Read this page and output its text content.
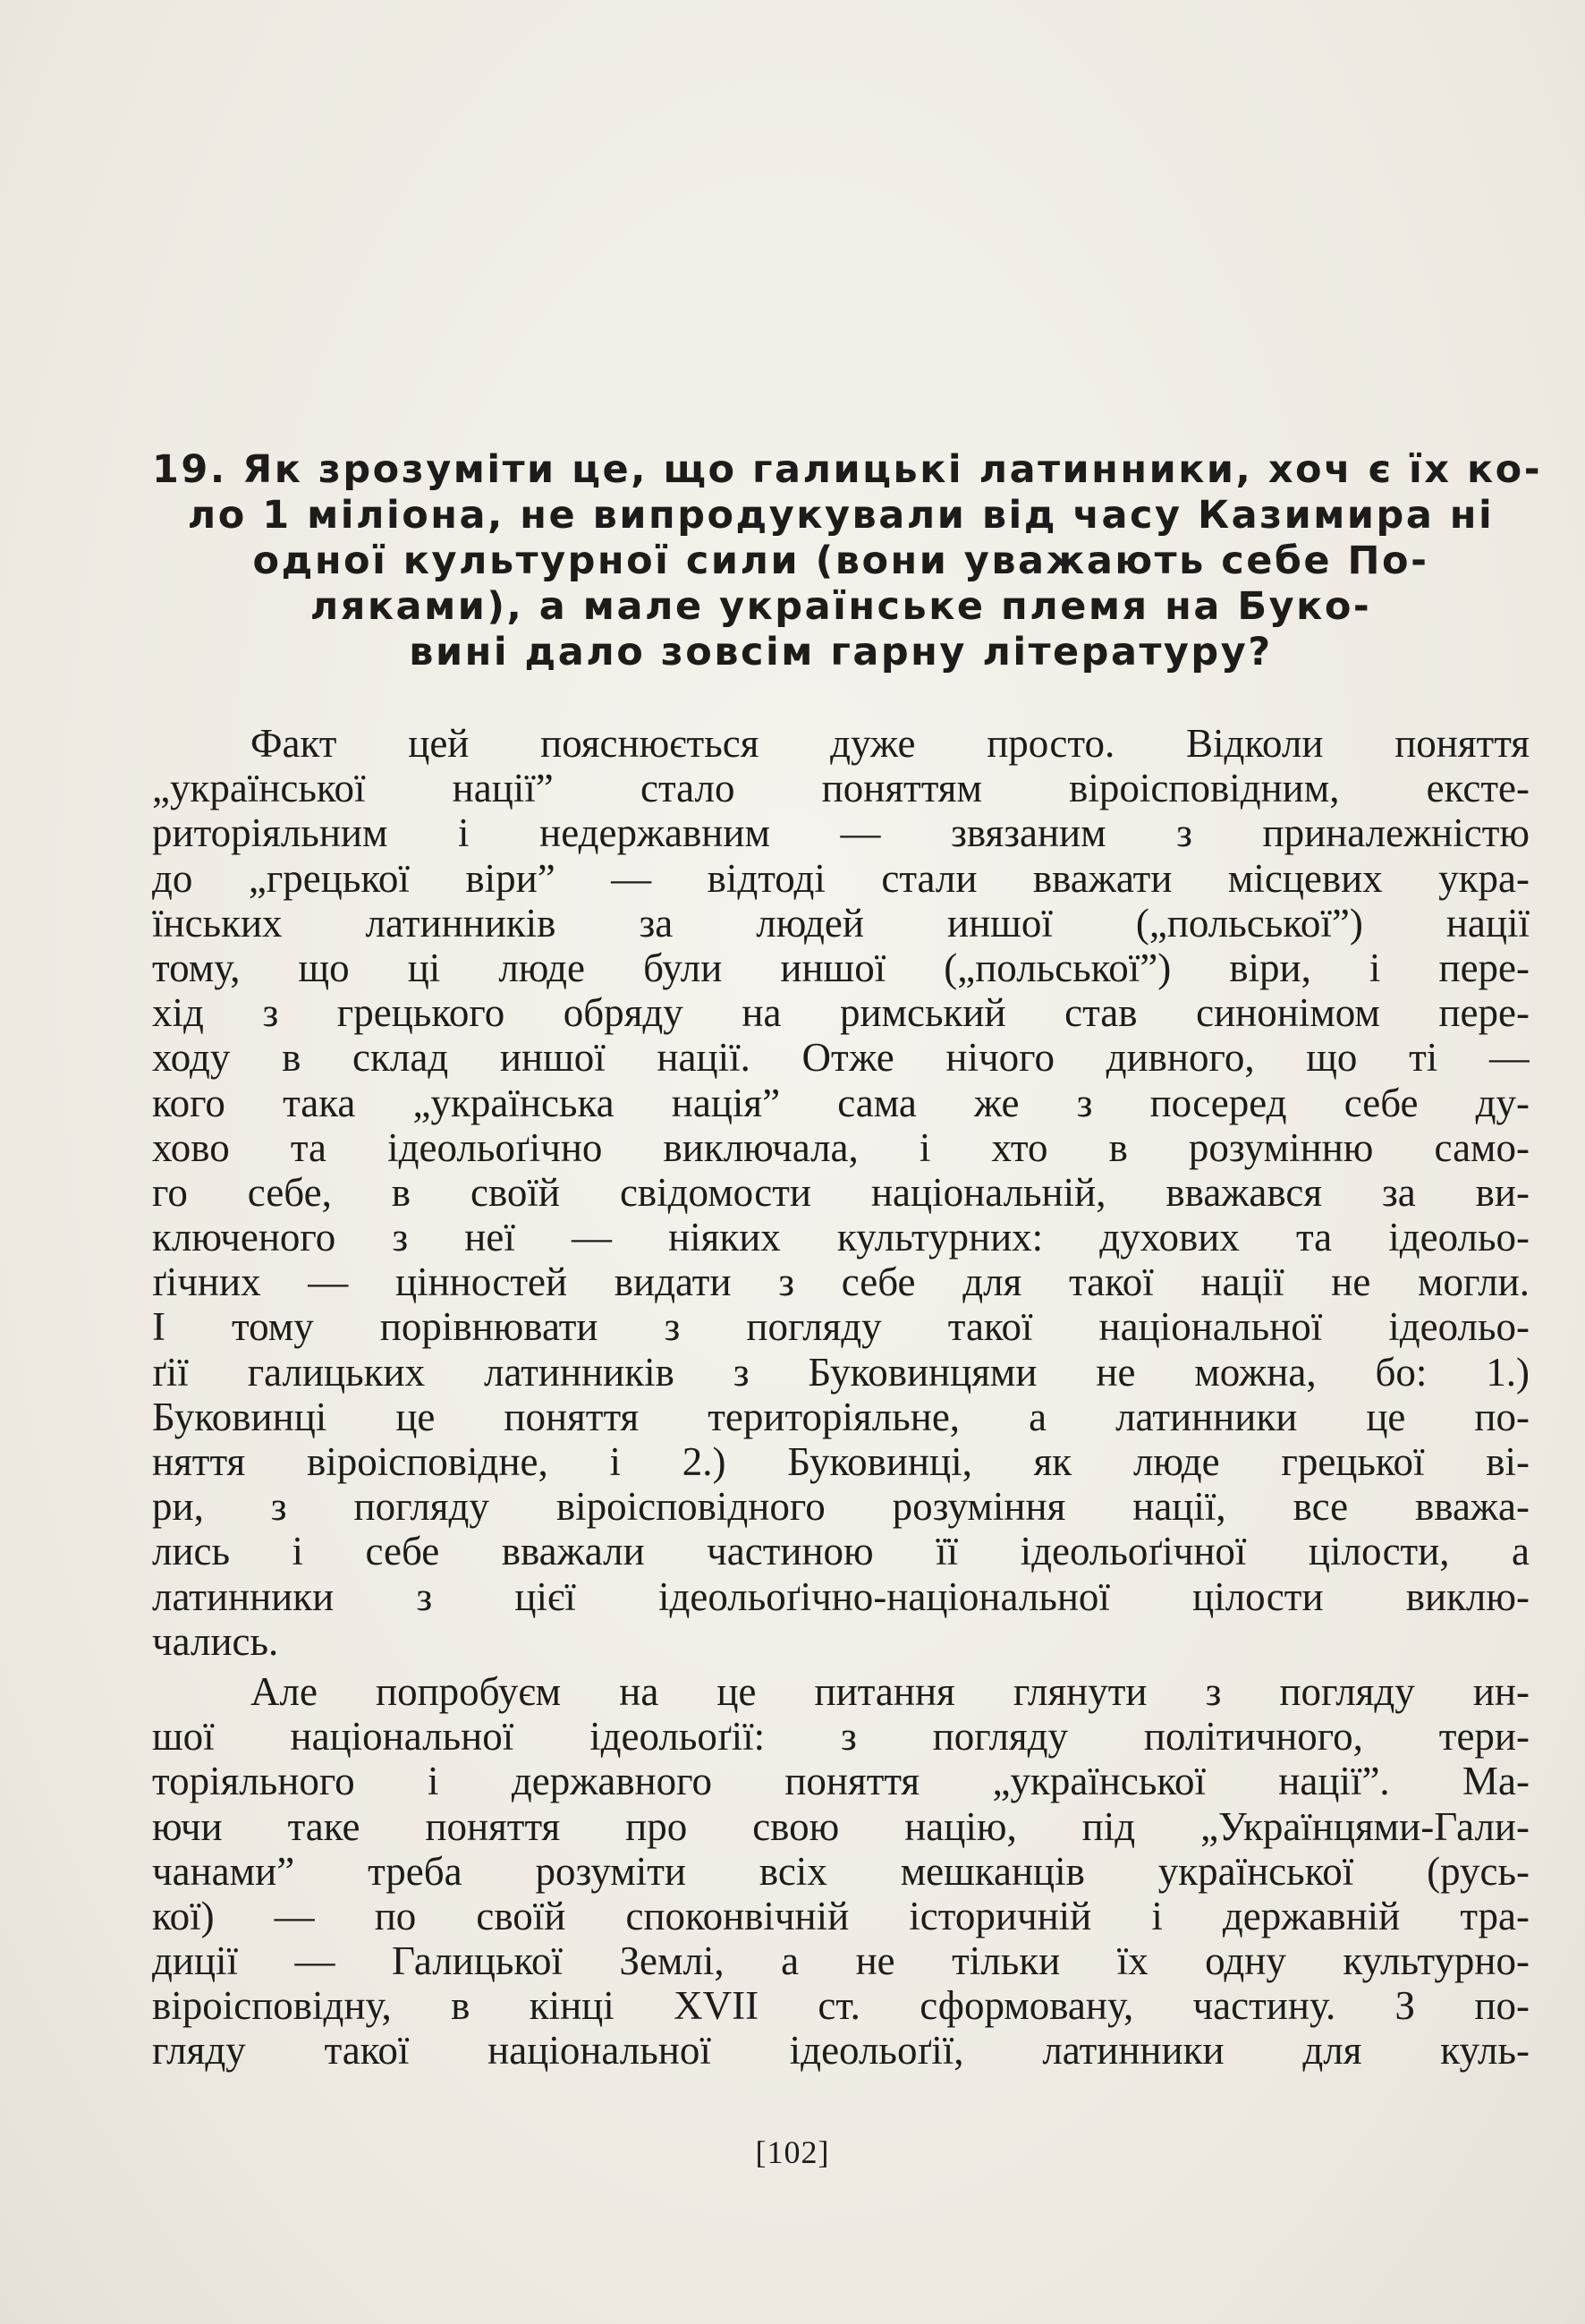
19. Як зрозуміти це, що галицькі латинники, хоч є їх ко-
ло 1 міліона, не випродукували від часу Казимира ні
одної культурної сили (вони уважають себе По-
ляками), а мале українське племя на Буко-
вині дало зовсім гарну літературу?
Факт цей пояснюється дуже просто. Відколи поняття
„української нації” стало поняттям віроісповідним, екстe-
риторіяльним і недержавним — звязаним з приналежністю
до „грецької віри” — відтоді стали вважати місцевих укра-
їнських латинників за людей иншої („польської”) нації
тому, що ці люде були иншої („польської”) віри, і пере-
хід з грецького обряду на римський став синонімом пере-
ходу в склад иншої нації. Отже нічого дивного, що ті —
кого така „українська нація” сама же з посеред себе ду-
хово та ідеольоґічно виключала, і хто в розумінню само-
го себе, в своїй свідомости національній, вважався за ви-
ключеного з неї — ніяких культурних: духових та ідеольо-
ґічних — цінностей видати з себе для такої нації не могли.
І тому порівнювати з погляду такої національної ідеольо-
ґії галицьких латинників з Буковинцями не можна, бо: 1.)
Буковинці це поняття територіяльне, а латинники це по-
няття віроісповідне, і 2.) Буковинці, як люде грецької ві-
ри, з погляду віроісповідного розуміння нації, все вважа-
лись і себе вважали частиною її ідеольоґічної цілости, а
латинники з цієї ідеольоґічно-національної цілости виклю-
чались.
Але попробуєм на це питання глянути з погляду ин-
шої національної ідеольоґії: з погляду політичного, тери-
торіяльного і державного поняття „української нації”. Ма-
ючи таке поняття про свою націю, під „Українцями-Гали-
чанами” треба розуміти всіх мешканців української (русь-
кої) — по своїй споконвічній історичній і державній тра-
диції — Галицької Землі, а не тільки їх одну культурно-
віроісповідну, в кінці XVII ст. сформовану, частину. З по-
гляду такої національної ідеольоґії, латинники для куль-
[102]
